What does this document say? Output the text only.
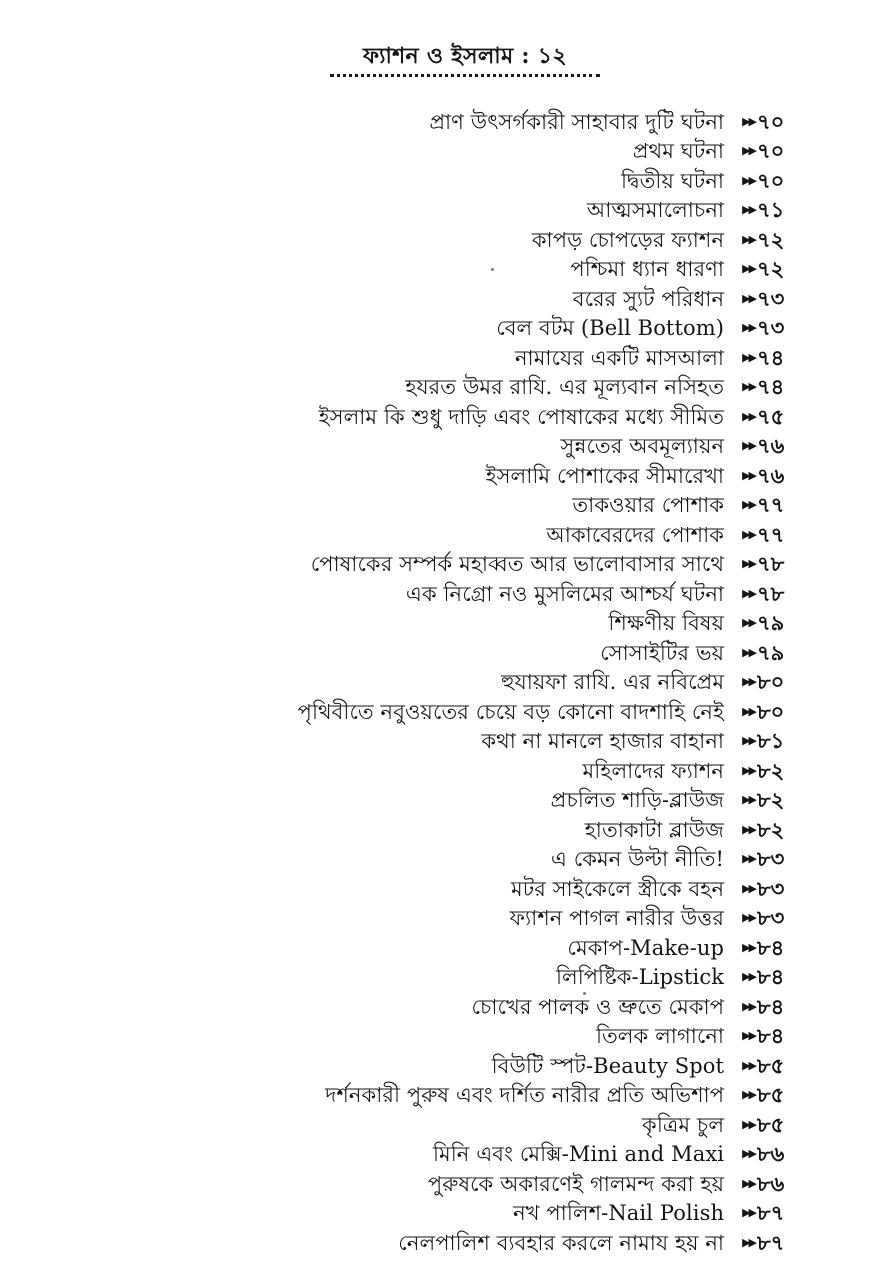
ফ্যাশন ও ইসলাম : ১২
প্রাণ উৎসর্গকারী সাহাবার দুটি ঘটনা ▶▶ ৭০
প্রথম ঘটনা ▶▶ ৭০
দ্বিতীয় ঘটনা ▶▶ ৭০
আত্মসমালোচনা ▶▶ ৭১
কাপড় চোপড়ের ফ্যাশন ▶▶ ৭২
পশ্চিমা ধ্যান ধারণা ▶▶ ৭২
বরের স্যুট পরিধান ▶▶ ৭৩
বেল বটম (Bell Bottom) ▶▶ ৭৩
নামাযের একটি মাসআলা ▶▶ ৭৪
হযরত উমর রাযি. এর মূল্যবান নসিহত ▶▶ ৭৪
ইসলাম কি শুধু দাড়ি এবং পোষাকের মধ্যে সীমিত ▶▶ ৭৫
সুন্নতের অবমূল্যায়ন ▶▶ ৭৬
ইসলামি পোশাকের সীমারেখা ▶▶ ৭৬
তাকওয়ার পোশাক ▶▶ ৭৭
আকাবেরদের পোশাক ▶▶ ৭৭
পোষাকের সম্পর্ক মহাব্বত আর ভালোবাসার সাথে ▶▶ ৭৮
এক নিগ্রো নও মুসলিমের আশ্চর্য ঘটনা ▶▶ ৭৮
শিক্ষণীয় বিষয় ▶▶ ৭৯
সোসাইটির ভয় ▶▶ ৭৯
হুযায়ফা রাযি. এর নবিপ্রেম ▶▶ ৮০
পৃথিবীতে নবুওয়তের চেয়ে বড় কোনো বাদশাহি নেই ▶▶ ৮০
কথা না মানলে হাজার বাহানা ▶▶ ৮১
মহিলাদের ফ্যাশন ▶▶ ৮২
প্রচলিত শাড়ি-ব্লাউজ ▶▶ ৮২
হাতাকাটা ব্লাউজ ▶▶ ৮২
এ কেমন উল্টা নীতি! ▶▶ ৮৩
মটর সাইকেলে স্ত্রীকে বহন ▶▶ ৮৩
ফ্যাশন পাগল নারীর উত্তর ▶▶ ৮৩
মেকাপ-Make-up ▶▶ ৮৪
লিপিষ্টিক-Lipstick ▶▶ ৮৪
চোখের পালক ও ভ্রুতে মেকাপ ▶▶ ৮৪
তিলক লাগানো ▶▶ ৮৪
বিউটি স্পট-Beauty Spot ▶▶ ৮৫
দর্শনকারী পুরুষ এবং দর্শিত নারীর প্রতি অভিশাপ ▶▶ ৮৫
কৃত্রিম চুল ▶▶ ৮৫
মিনি এবং মেক্সি-Mini and Maxi ▶▶ ৮৬
পুরুষকে অকারণেই গালমন্দ করা হয় ▶▶ ৮৬
নখ পালিশ-Nail Polish ▶▶ ৮৭
নেলপালিশ ব্যবহার করলে নামায হয় না ▶▶ ৮৭
